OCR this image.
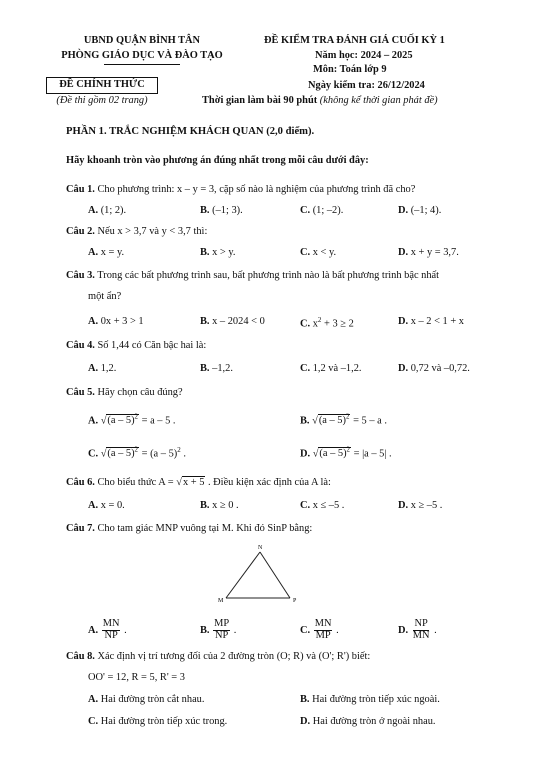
UBND QUẬN BÌNH TÂN
PHÒNG GIÁO DỤC VÀ ĐÀO TẠO
ĐỀ CHÍNH THỨC
(Đề thi gồm 02 trang)
ĐỀ KIỂM TRA ĐÁNH GIÁ CUỐI KỲ 1
Năm học: 2024 – 2025
Môn: Toán lớp 9
Ngày kiểm tra: 26/12/2024
Thời gian làm bài 90 phút (không kể thời gian phát đề)
PHẦN 1. TRẮC NGHIỆM KHÁCH QUAN (2,0 điểm).
Hãy khoanh tròn vào phương án đúng nhất trong mỗi câu dưới đây:
Câu 1. Cho phương trình: x – y = 3, cặp số nào là nghiệm của phương trình đã cho?
A. (1; 2).	B. (–1; 3).	C. (1; –2).	D. (–1; 4).
Câu 2. Nếu x > 3,7 và y < 3,7 thì:
A. x = y.	B. x > y.	C. x < y.	D. x + y = 3,7.
Câu 3. Trong các bất phương trình sau, bất phương trình nào là bất phương trình bậc nhất
một ẩn?
A. 0x + 3 > 1	B. x – 2024 < 0	C. $x^2 + 3 \ge 2$	D. x – 2 < 1 + x
Câu 4. Số 1,44 có Căn bậc hai là:
A. 1,2.	B. –1,2.	C. 1,2 và –1,2.	D. 0,72 và –0,72.
Câu 5. Hãy chọn câu đúng?
A. √(a – 5)$^2$ = a – 5 .	B. √(a – 5)$^2$ = 5 – a .
C. √(a – 5)$^2$ = (a – 5)$^2$ .	D. √(a – 5)$^2$ = |a – 5| .
Câu 6. Cho biểu thức A = √x + 5 . Điều kiện xác định của A là:
A. x = 0.	B. x ≥ 0 .	C. x ≤ –5 .	D. x ≥ –5 .
Câu 7. Cho tam giác MNP vuông tại M. Khi đó SinP bằng:
N
M	P
A. $\frac{MN}{NP}$ .	B. $\frac{MP}{NP}$ .	C. $\frac{MN}{MP}$ .	D. $\frac{NP}{MN}$ .
Câu 8. Xác định vị trí tương đối của 2 đường tròn (O; R) và (O'; R') biết:
OO' = 12, R = 5, R' = 3
A. Hai đường tròn cắt nhau.	B. Hai đường tròn tiếp xúc ngoài.
C. Hai đường tròn tiếp xúc trong.	D. Hai đường tròn ở ngoài nhau.
